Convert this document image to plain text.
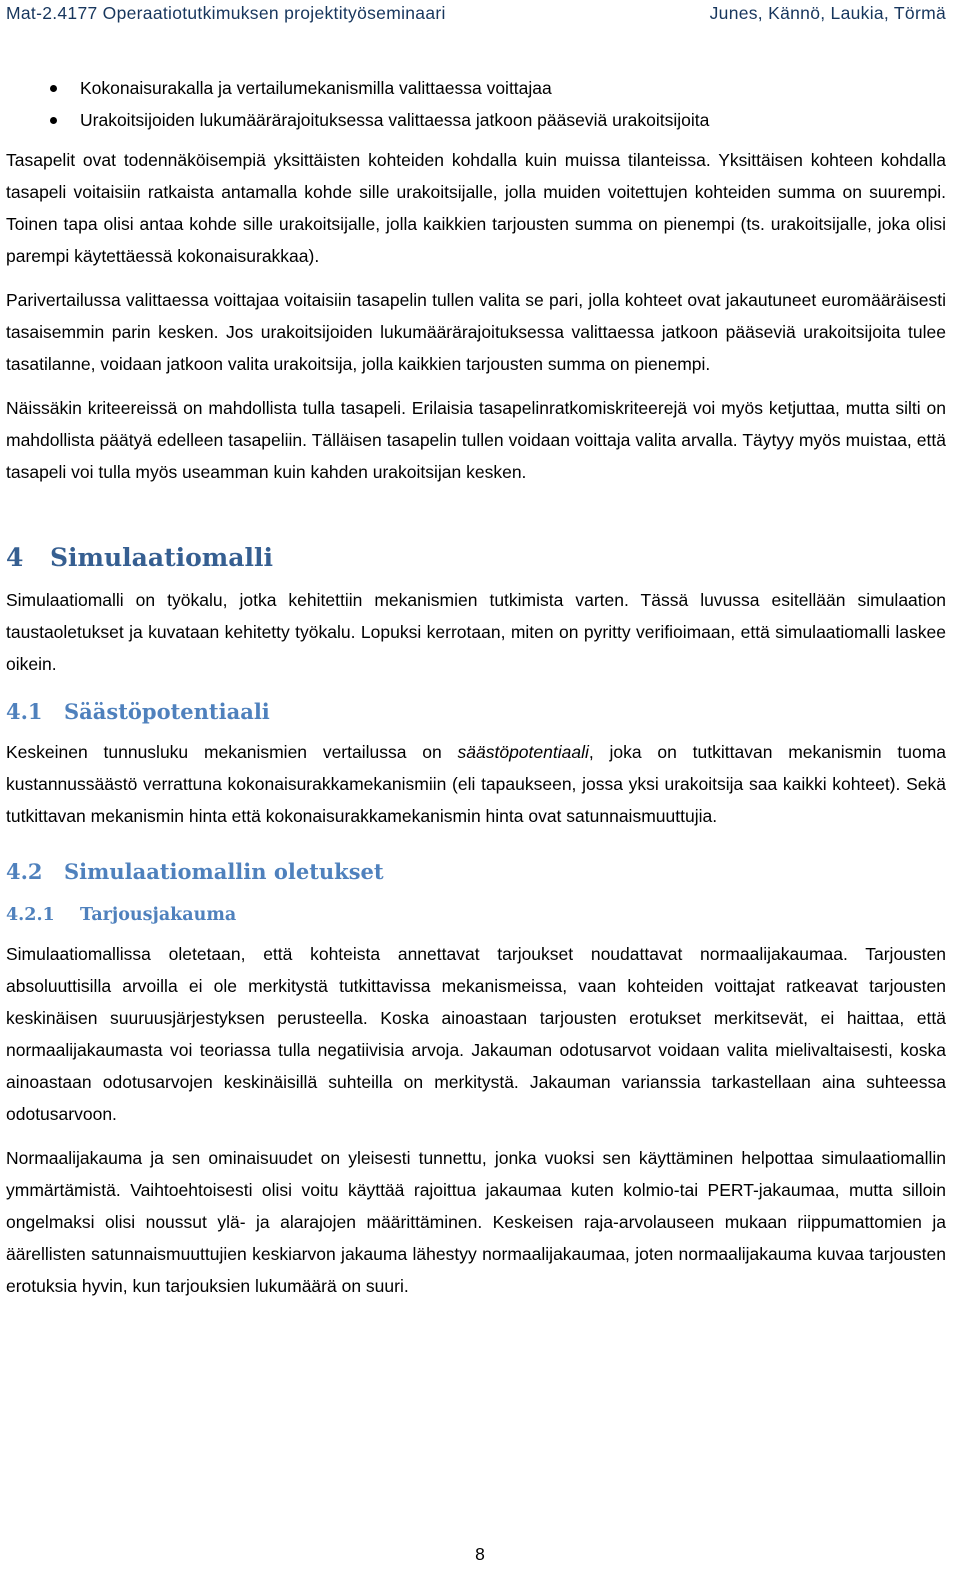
Mat-2.4177 Operaatiotutkimuksen projektityöseminaari	Junes, Kännö, Laukia, Törmä
Kokonaisurakalla ja vertailumekanismilla valittaessa voittajaa
Urakoitsijoiden lukumäärärajoituksessa valittaessa jatkoon pääseviä urakoitsijoita

Tasapelit ovat todennäköisempiä yksittäisten kohteiden kohdalla kuin muissa tilanteissa. Yksittäisen kohteen kohdalla tasapeli voitaisiin ratkaista antamalla kohde sille urakoitsijalle, jolla muiden voitettujen kohteiden summa on suurempi. Toinen tapa olisi antaa kohde sille urakoitsijalle, jolla kaikkien tarjousten summa on pienempi (ts. urakoitsijalle, joka olisi parempi käytettäessä kokonaisurakkaa).

Parivertailussa valittaessa voittajaa voitaisiin tasapelin tullen valita se pari, jolla kohteet ovat jakautuneet euromääräisesti tasaisemmin parin kesken. Jos urakoitsijoiden lukumäärärajoituksessa valittaessa jatkoon pääseviä urakoitsijoita tulee tasatilanne, voidaan jatkoon valita urakoitsija, jolla kaikkien tarjousten summa on pienempi.

Näissäkin kriteereissä on mahdollista tulla tasapeli. Erilaisia tasapelinratkomiskriteerejä voi myös ketjuttaa, mutta silti on mahdollista päätyä edelleen tasapeliin. Tälläisen tasapelin tullen voidaan voittaja valita arvalla. Täytyy myös muistaa, että tasapeli voi tulla myös useamman kuin kahden urakoitsijan kesken.

4 Simulaatiomalli

Simulaatiomalli on työkalu, jotka kehitettiin mekanismien tutkimista varten. Tässä luvussa esitellään simulaation taustaoletukset ja kuvataan kehitetty työkalu. Lopuksi kerrotaan, miten on pyritty verifioimaan, että simulaatiomalli laskee oikein.

4.1 Säästöpotentiaali

Keskeinen tunnusluku mekanismien vertailussa on säästöpotentiaali, joka on tutkittavan mekanismin tuoma kustannussäästö verrattuna kokonaisurakkamekanismiin (eli tapaukseen, jossa yksi urakoitsija saa kaikki kohteet). Sekä tutkittavan mekanismin hinta että kokonaisurakkamekanismin hinta ovat satunnaismuuttujia.

4.2 Simulaatiomallin oletukset
4.2.1 Tarjousjakauma

Simulaatiomallissa oletetaan, että kohteista annettavat tarjoukset noudattavat normaalijakaumaa. Tarjousten absoluuttisilla arvoilla ei ole merkitystä tutkittavissa mekanismeissa, vaan kohteiden voittajat ratkeavat tarjousten keskinäisen suuruusjärjestyksen perusteella. Koska ainoastaan tarjousten erotukset merkitsevät, ei haittaa, että normaalijakaumasta voi teoriassa tulla negatiivisia arvoja. Jakauman odotusarvot voidaan valita mielivaltaisesti, koska ainoastaan odotusarvojen keskinäisillä suhteilla on merkitystä. Jakauman varianssia tarkastellaan aina suhteessa odotusarvoon.

Normaalijakauma ja sen ominaisuudet on yleisesti tunnettu, jonka vuoksi sen käyttäminen helpottaa simulaatiomallin ymmärtämistä. Vaihtoehtoisesti olisi voitu käyttää rajoittua jakaumaa kuten kolmio-tai PERT-jakaumaa, mutta silloin ongelmaksi olisi noussut ylä- ja alarajojen määrittäminen. Keskeisen raja-arvolauseen mukaan riippumattomien ja äärellisten satunnaismuuttujien keskiarvon jakauma lähestyy normaalijakaumaa, joten normaalijakauma kuvaa tarjousten erotuksia hyvin, kun tarjouksien lukumäärä on suuri.

8
